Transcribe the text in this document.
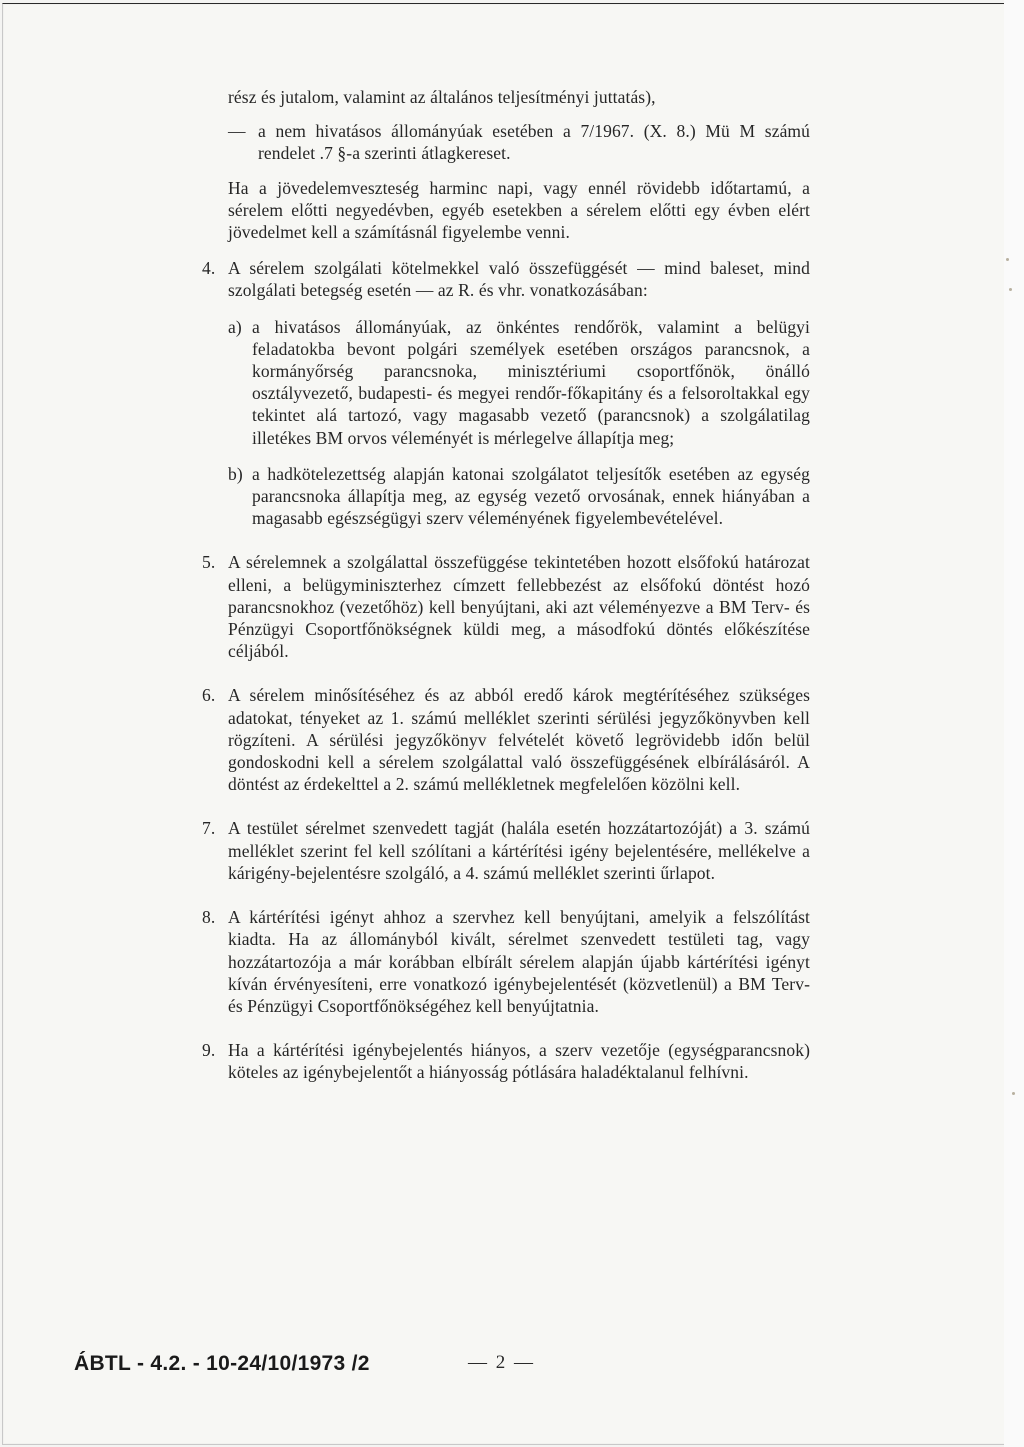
rész és jutalom, valamint az általános teljesítményi juttatás),

— a nem hivatásos állományúak esetében a 7/1967. (X. 8.) Mü M számú rendelet .7 §-a szerinti átlagkereset.

Ha a jövedelemveszteség harminc napi, vagy ennél rövidebb időtartamú, a sérelem előtti negyedévben, egyéb esetekben a sérelem előtti egy évben elért jövedelmet kell a számításnál figyelembe venni.

4. A sérelem szolgálati kötelmekkel való összefüggését — mind baleset, mind szolgálati betegség esetén — az R. és vhr. vonatkozásában:

a) a hivatásos állományúak, az önkéntes rendőrök, valamint a belügyi feladatokba bevont polgári személyek esetében országos parancsnok, a kormányőrség parancsnoka, minisztériumi csoportfőnök, önálló osztályvezető, budapesti- és megyei rendőr-főkapitány és a felsoroltakkal egy tekintet alá tartozó, vagy magasabb vezető (parancsnok) a szolgálatilag illetékes BM orvos véleményét is mérlegelve állapítja meg;

b) a hadkötelezettség alapján katonai szolgálatot teljesítők esetében az egység parancsnoka állapítja meg, az egység vezető orvosának, ennek hiányában a magasabb egészségügyi szerv véleményének figyelembevételével.

5. A sérelemnek a szolgálattal összefüggése tekintetében hozott elsőfokú határozat elleni, a belügyminiszterhez címzett fellebbezést az elsőfokú döntést hozó parancsnokhoz (vezetőhöz) kell benyújtani, aki azt véleményezve a BM Terv- és Pénzügyi Csoportfőnökségnek küldi meg, a másodfokú döntés előkészítése céljából.

6. A sérelem minősítéséhez és az abból eredő károk megtérítéséhez szükséges adatokat, tényeket az 1. számú melléklet szerinti sérülési jegyzőkönyvben kell rögzíteni. A sérülési jegyzőkönyv felvételét követő legrövidebb időn belül gondoskodni kell a sérelem szolgálattal való összefüggésének elbírálásáról. A döntést az érdekelttel a 2. számú mellékletnek megfelelően közölni kell.

7. A testület sérelmet szenvedett tagját (halála esetén hozzátartozóját) a 3. számú melléklet szerint fel kell szólítani a kártérítési igény bejelentésére, mellékelve a kárigény-bejelentésre szolgáló, a 4. számú melléklet szerinti űrlapot.

8. A kártérítési igényt ahhoz a szervhez kell benyújtani, amelyik a felszólítást kiadta. Ha az állományból kivált, sérelmet szenvedett testületi tag, vagy hozzátartozója a már korábban elbírált sérelem alapján újabb kártérítési igényt kíván érvényesíteni, erre vonatkozó igénybejelentését (közvetlenül) a BM Terv- és Pénzügyi Csoportfőnökségéhez kell benyújtatnia.

9. Ha a kártérítési igénybejelentés hiányos, a szerv vezetője (egységparancsnok) köteles az igénybejelentőt a hiányosság pótlására haladéktalanul felhívni.

ÁBTL - 4.2. - 10-24/10/1973 /2	— 2 —
